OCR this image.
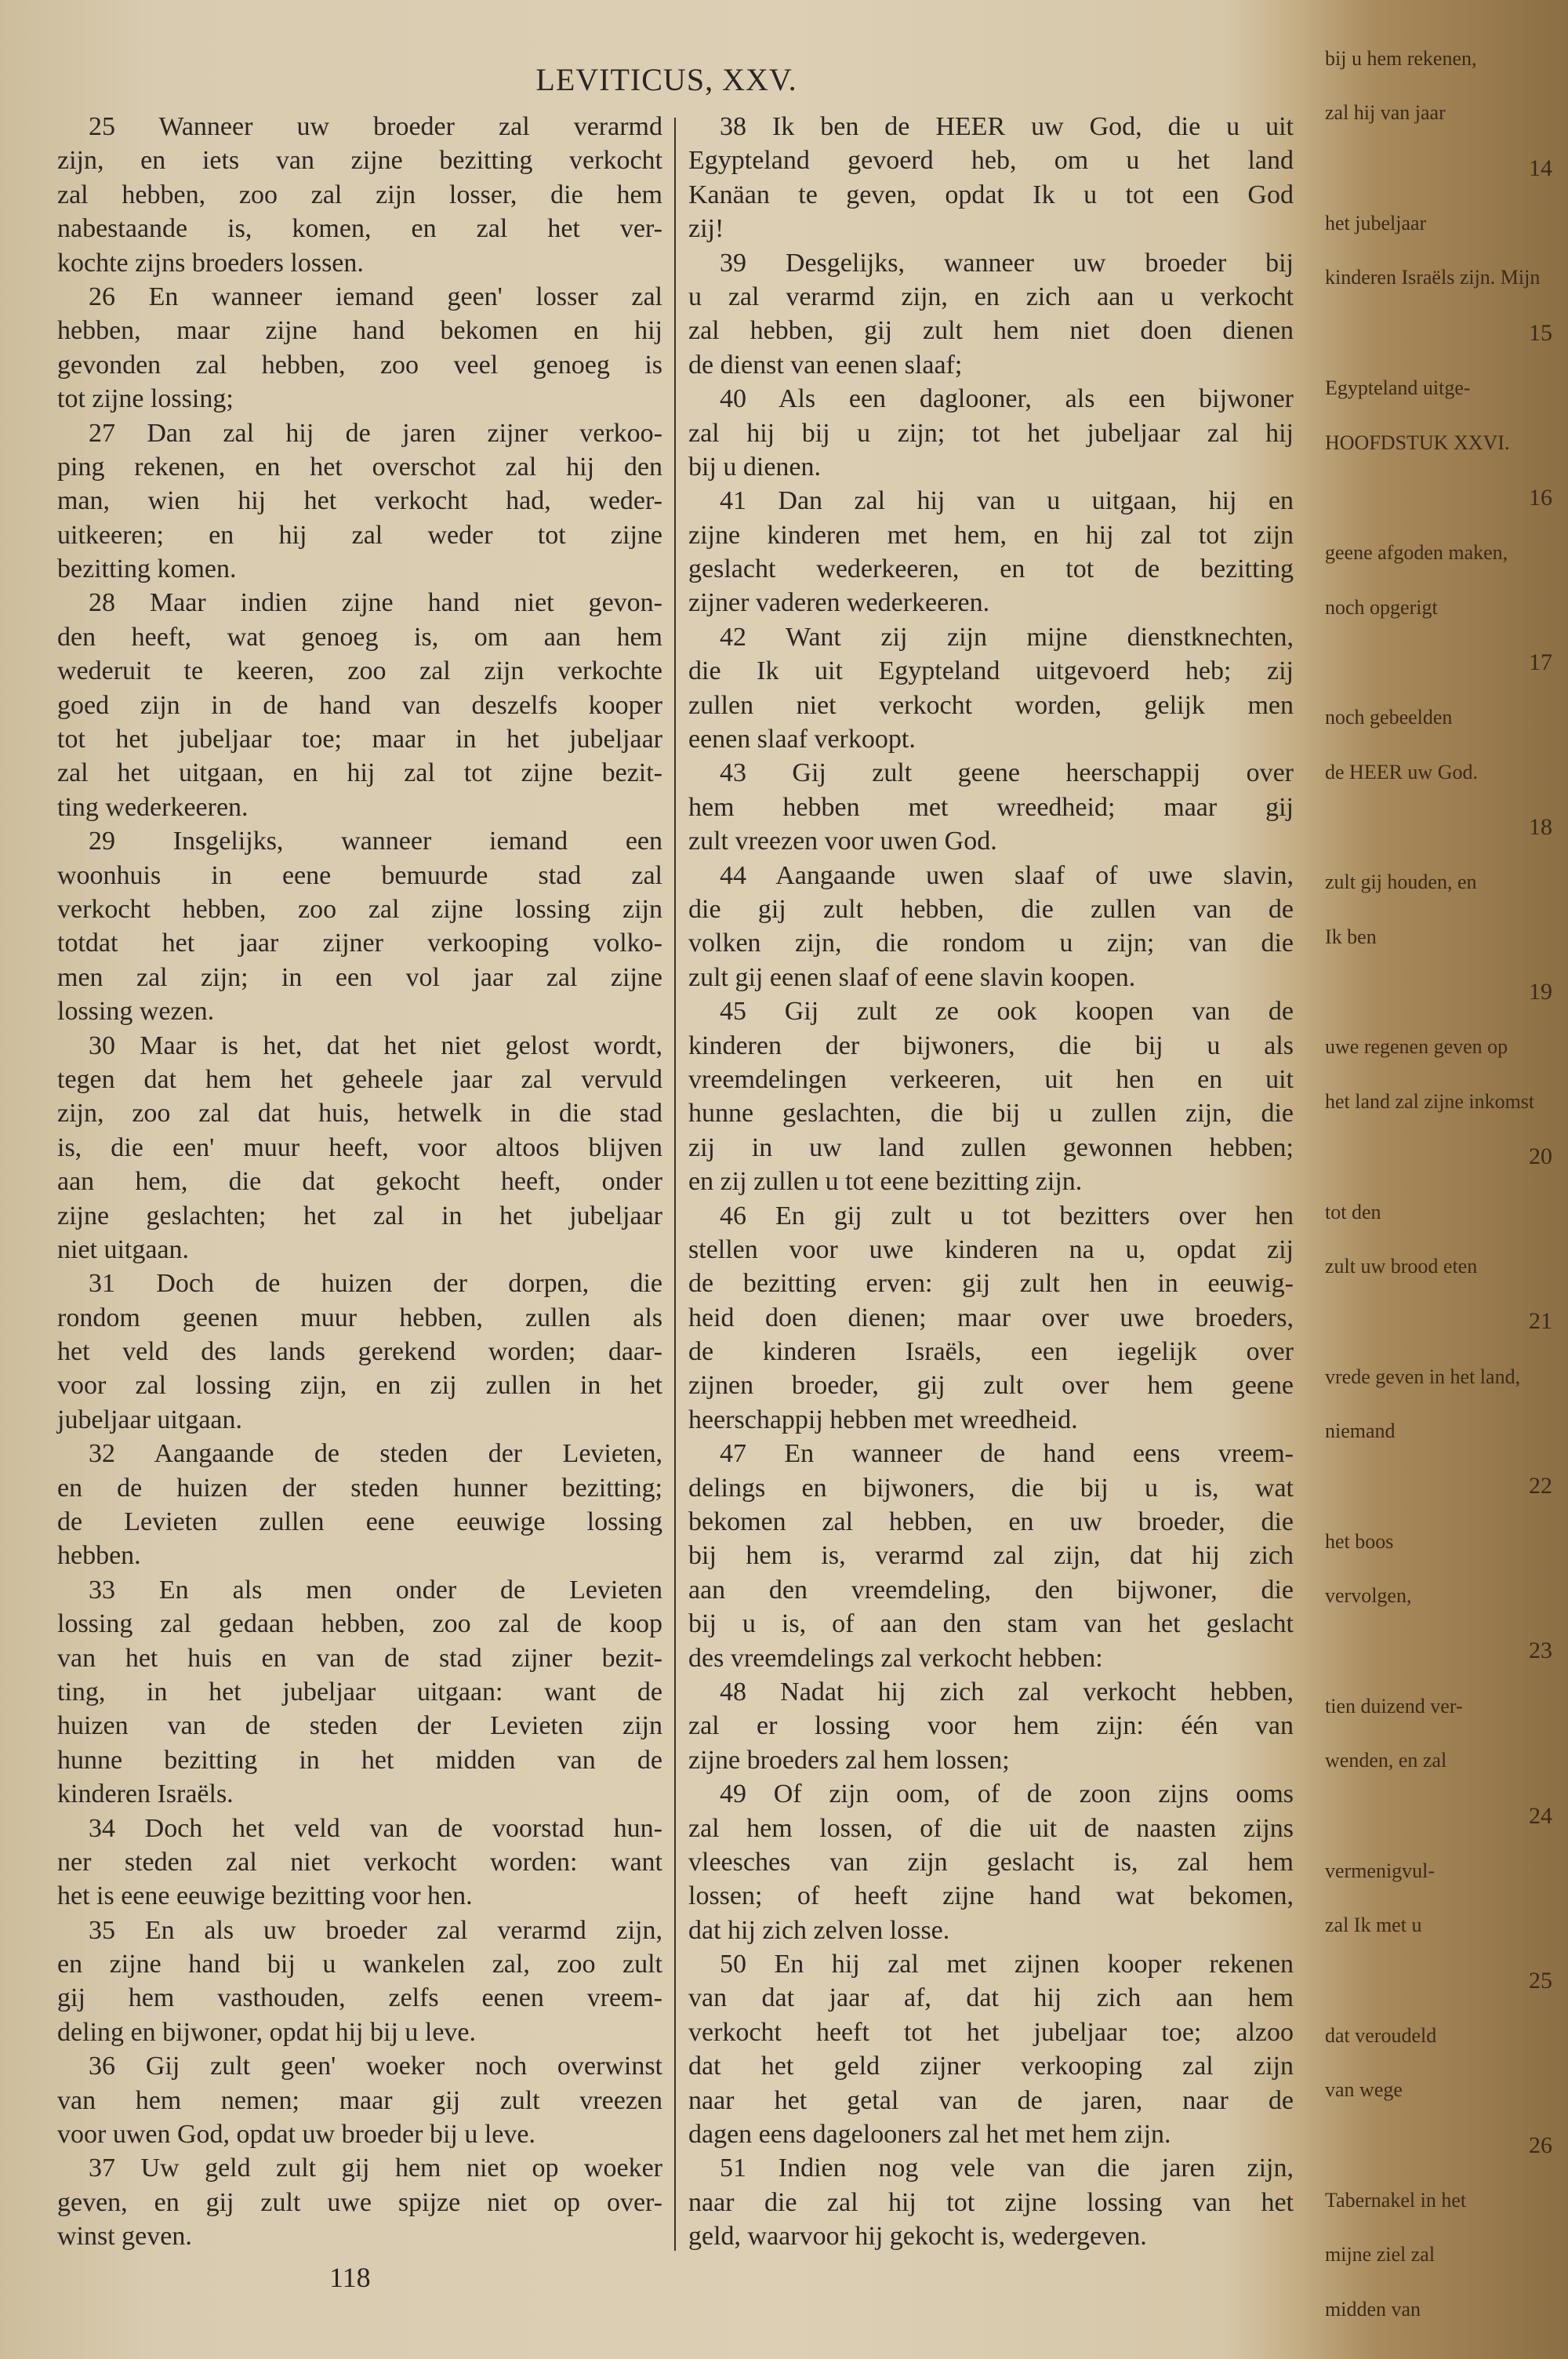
LEVITICUS, XXV.
25 Wanneer uw broeder zal verarmd
zijn, en iets van zijne bezitting verkocht
zal hebben, zoo zal zijn losser, die hem
nabestaande is, komen, en zal het ver-
kochte zijns broeders lossen.
26 En wanneer iemand geen' losser zal
hebben, maar zijne hand bekomen en hij
gevonden zal hebben, zoo veel genoeg is
tot zijne lossing;
27 Dan zal hij de jaren zijner verkoo-
ping rekenen, en het overschot zal hij den
man, wien hij het verkocht had, weder-
uitkeeren; en hij zal weder tot zijne
bezitting komen.
28 Maar indien zijne hand niet gevon-
den heeft, wat genoeg is, om aan hem
wederuit te keeren, zoo zal zijn verkochte
goed zijn in de hand van deszelfs kooper
tot het jubeljaar toe; maar in het jubeljaar
zal het uitgaan, en hij zal tot zijne bezit-
ting wederkeeren.
29 Insgelijks, wanneer iemand een
woonhuis in eene bemuurde stad zal
verkocht hebben, zoo zal zijne lossing zijn
totdat het jaar zijner verkooping volko-
men zal zijn; in een vol jaar zal zijne
lossing wezen.
30 Maar is het, dat het niet gelost wordt,
tegen dat hem het geheele jaar zal vervuld
zijn, zoo zal dat huis, hetwelk in die stad
is, die een' muur heeft, voor altoos blijven
aan hem, die dat gekocht heeft, onder
zijne geslachten; het zal in het jubeljaar
niet uitgaan.
31 Doch de huizen der dorpen, die
rondom geenen muur hebben, zullen als
het veld des lands gerekend worden; daar-
voor zal lossing zijn, en zij zullen in het
jubeljaar uitgaan.
32 Aangaande de steden der Levieten,
en de huizen der steden hunner bezitting;
de Levieten zullen eene eeuwige lossing
hebben.
33 En als men onder de Levieten
lossing zal gedaan hebben, zoo zal de koop
van het huis en van de stad zijner bezit-
ting, in het jubeljaar uitgaan: want de
huizen van de steden der Levieten zijn
hunne bezitting in het midden van de
kinderen Israëls.
34 Doch het veld van de voorstad hun-
ner steden zal niet verkocht worden: want
het is eene eeuwige bezitting voor hen.
35 En als uw broeder zal verarmd zijn,
en zijne hand bij u wankelen zal, zoo zult
gij hem vasthouden, zelfs eenen vreem-
deling en bijwoner, opdat hij bij u leve.
36 Gij zult geen' woeker noch overwinst
van hem nemen; maar gij zult vreezen
voor uwen God, opdat uw broeder bij u leve.
37 Uw geld zult gij hem niet op woeker
geven, en gij zult uwe spijze niet op over-
winst geven.
38 Ik ben de HEER uw God, die u uit
Egypteland gevoerd heb, om u het land
Kanäan te geven, opdat Ik u tot een God
zij!
39 Desgelijks, wanneer uw broeder bij
u zal verarmd zijn, en zich aan u verkocht
zal hebben, gij zult hem niet doen dienen
de dienst van eenen slaaf;
40 Als een daglooner, als een bijwoner
zal hij bij u zijn; tot het jubeljaar zal hij
bij u dienen.
41 Dan zal hij van u uitgaan, hij en
zijne kinderen met hem, en hij zal tot zijn
geslacht wederkeeren, en tot de bezitting
zijner vaderen wederkeeren.
42 Want zij zijn mijne dienstknechten,
die Ik uit Egypteland uitgevoerd heb; zij
zullen niet verkocht worden, gelijk men
eenen slaaf verkoopt.
43 Gij zult geene heerschappij over
hem hebben met wreedheid; maar gij
zult vreezen voor uwen God.
44 Aangaande uwen slaaf of uwe slavin,
die gij zult hebben, die zullen van de
volken zijn, die rondom u zijn; van die
zult gij eenen slaaf of eene slavin koopen.
45 Gij zult ze ook koopen van de
kinderen der bijwoners, die bij u als
vreemdelingen verkeeren, uit hen en uit
hunne geslachten, die bij u zullen zijn, die
zij in uw land zullen gewonnen hebben;
en zij zullen u tot eene bezitting zijn.
46 En gij zult u tot bezitters over hen
stellen voor uwe kinderen na u, opdat zij
de bezitting erven: gij zult hen in eeuwig-
heid doen dienen; maar over uwe broeders,
de kinderen Israëls, een iegelijk over
zijnen broeder, gij zult over hem geene
heerschappij hebben met wreedheid.
47 En wanneer de hand eens vreem-
delings en bijwoners, die bij u is, wat
bekomen zal hebben, en uw broeder, die
bij hem is, verarmd zal zijn, dat hij zich
aan den vreemdeling, den bijwoner, die
bij u is, of aan den stam van het geslacht
des vreemdelings zal verkocht hebben:
48 Nadat hij zich zal verkocht hebben,
zal er lossing voor hem zijn: één van
zijne broeders zal hem lossen;
49 Of zijn oom, of de zoon zijns ooms
zal hem lossen, of die uit de naasten zijns
vleesches van zijn geslacht is, zal hem
lossen; of heeft zijne hand wat bekomen,
dat hij zich zelven losse.
50 En hij zal met zijnen kooper rekenen
van dat jaar af, dat hij zich aan hem
verkocht heeft tot het jubeljaar toe; alzoo
dat het geld zijner verkooping zal zijn
naar het getal van de jaren, naar de
dagen eens dagelooners zal het met hem zijn.
51 Indien nog vele van die jaren zijn,
naar die zal hij tot zijne lossing van het
geld, waarvoor hij gekocht is, wedergeven.
118
bij u hem rekenen,
zal hij van jaar
14
het jubeljaar
kinderen Israëls zijn. Mijn
15
Egypteland uitge-
HOOFDSTUK XXVI.
16
geene afgoden maken,
noch opgerigt
17
noch gebeelden
de HEER uw God.
18
zult gij houden, en
Ik ben
19
uwe regenen geven op
het land zal zijne inkomst
20
tot den
zult uw brood eten
21
vrede geven in het land,
niemand
22
het boos
vervolgen,
23
tien duizend ver-
wenden, en zal
24
vermenigvul-
zal Ik met u
25
dat veroudeld
van wege
26
Tabernakel in het
mijne ziel zal
midden van
